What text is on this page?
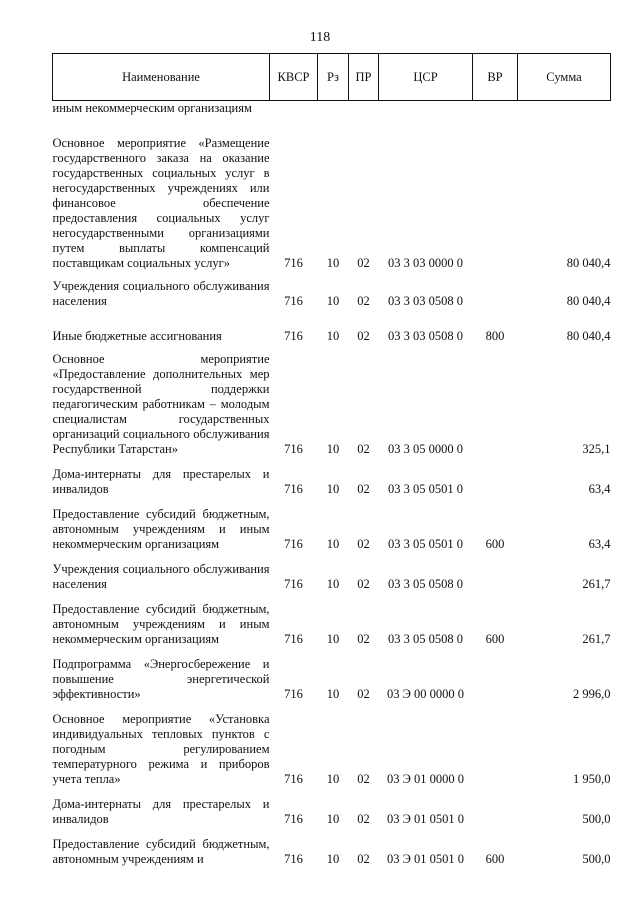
118
Наименование	КВСР	Рз	ПР	ЦСР	ВР	Сумма
иным некоммерческим организациям						
Основное мероприятие «Размещение государственного заказа на оказание государственных социальных услуг в негосударственных учреждениях или финансовое обеспечение предоставления социальных услуг негосударственными организациями путем выплаты компенсаций поставщикам социальных услуг»	716	10	02	03 3 03 0000 0		80 040,4
Учреждения социального обслуживания населения	716	10	02	03 3 03 0508 0		80 040,4
Иные бюджетные ассигнования	716	10	02	03 3 03 0508 0	800	80 040,4
Основное мероприятие «Предоставление дополнительных мер государственной поддержки педагогическим работникам – молодым специалистам государственных организаций социального обслуживания Республики Татарстан»	716	10	02	03 3 05 0000 0		325,1
Дома-интернаты для престарелых и инвалидов	716	10	02	03 3 05 0501 0		63,4
Предоставление субсидий бюджетным, автономным учреждениям и иным некоммерческим организациям	716	10	02	03 3 05 0501 0	600	63,4
Учреждения социального обслуживания населения	716	10	02	03 3 05 0508 0		261,7
Предоставление субсидий бюджетным, автономным учреждениям и иным некоммерческим организациям	716	10	02	03 3 05 0508 0	600	261,7
Подпрограмма «Энергосбережение и повышение энергетической эффективности»	716	10	02	03 Э 00 0000 0		2 996,0
Основное мероприятие «Установка индивидуальных тепловых пунктов с погодным регулированием температурного режима и приборов учета тепла»	716	10	02	03 Э 01 0000 0		1 950,0
Дома-интернаты для престарелых и инвалидов	716	10	02	03 Э 01 0501 0		500,0
Предоставление субсидий бюджетным, автономным учреждениям и	716	10	02	03 Э 01 0501 0	600	500,0
